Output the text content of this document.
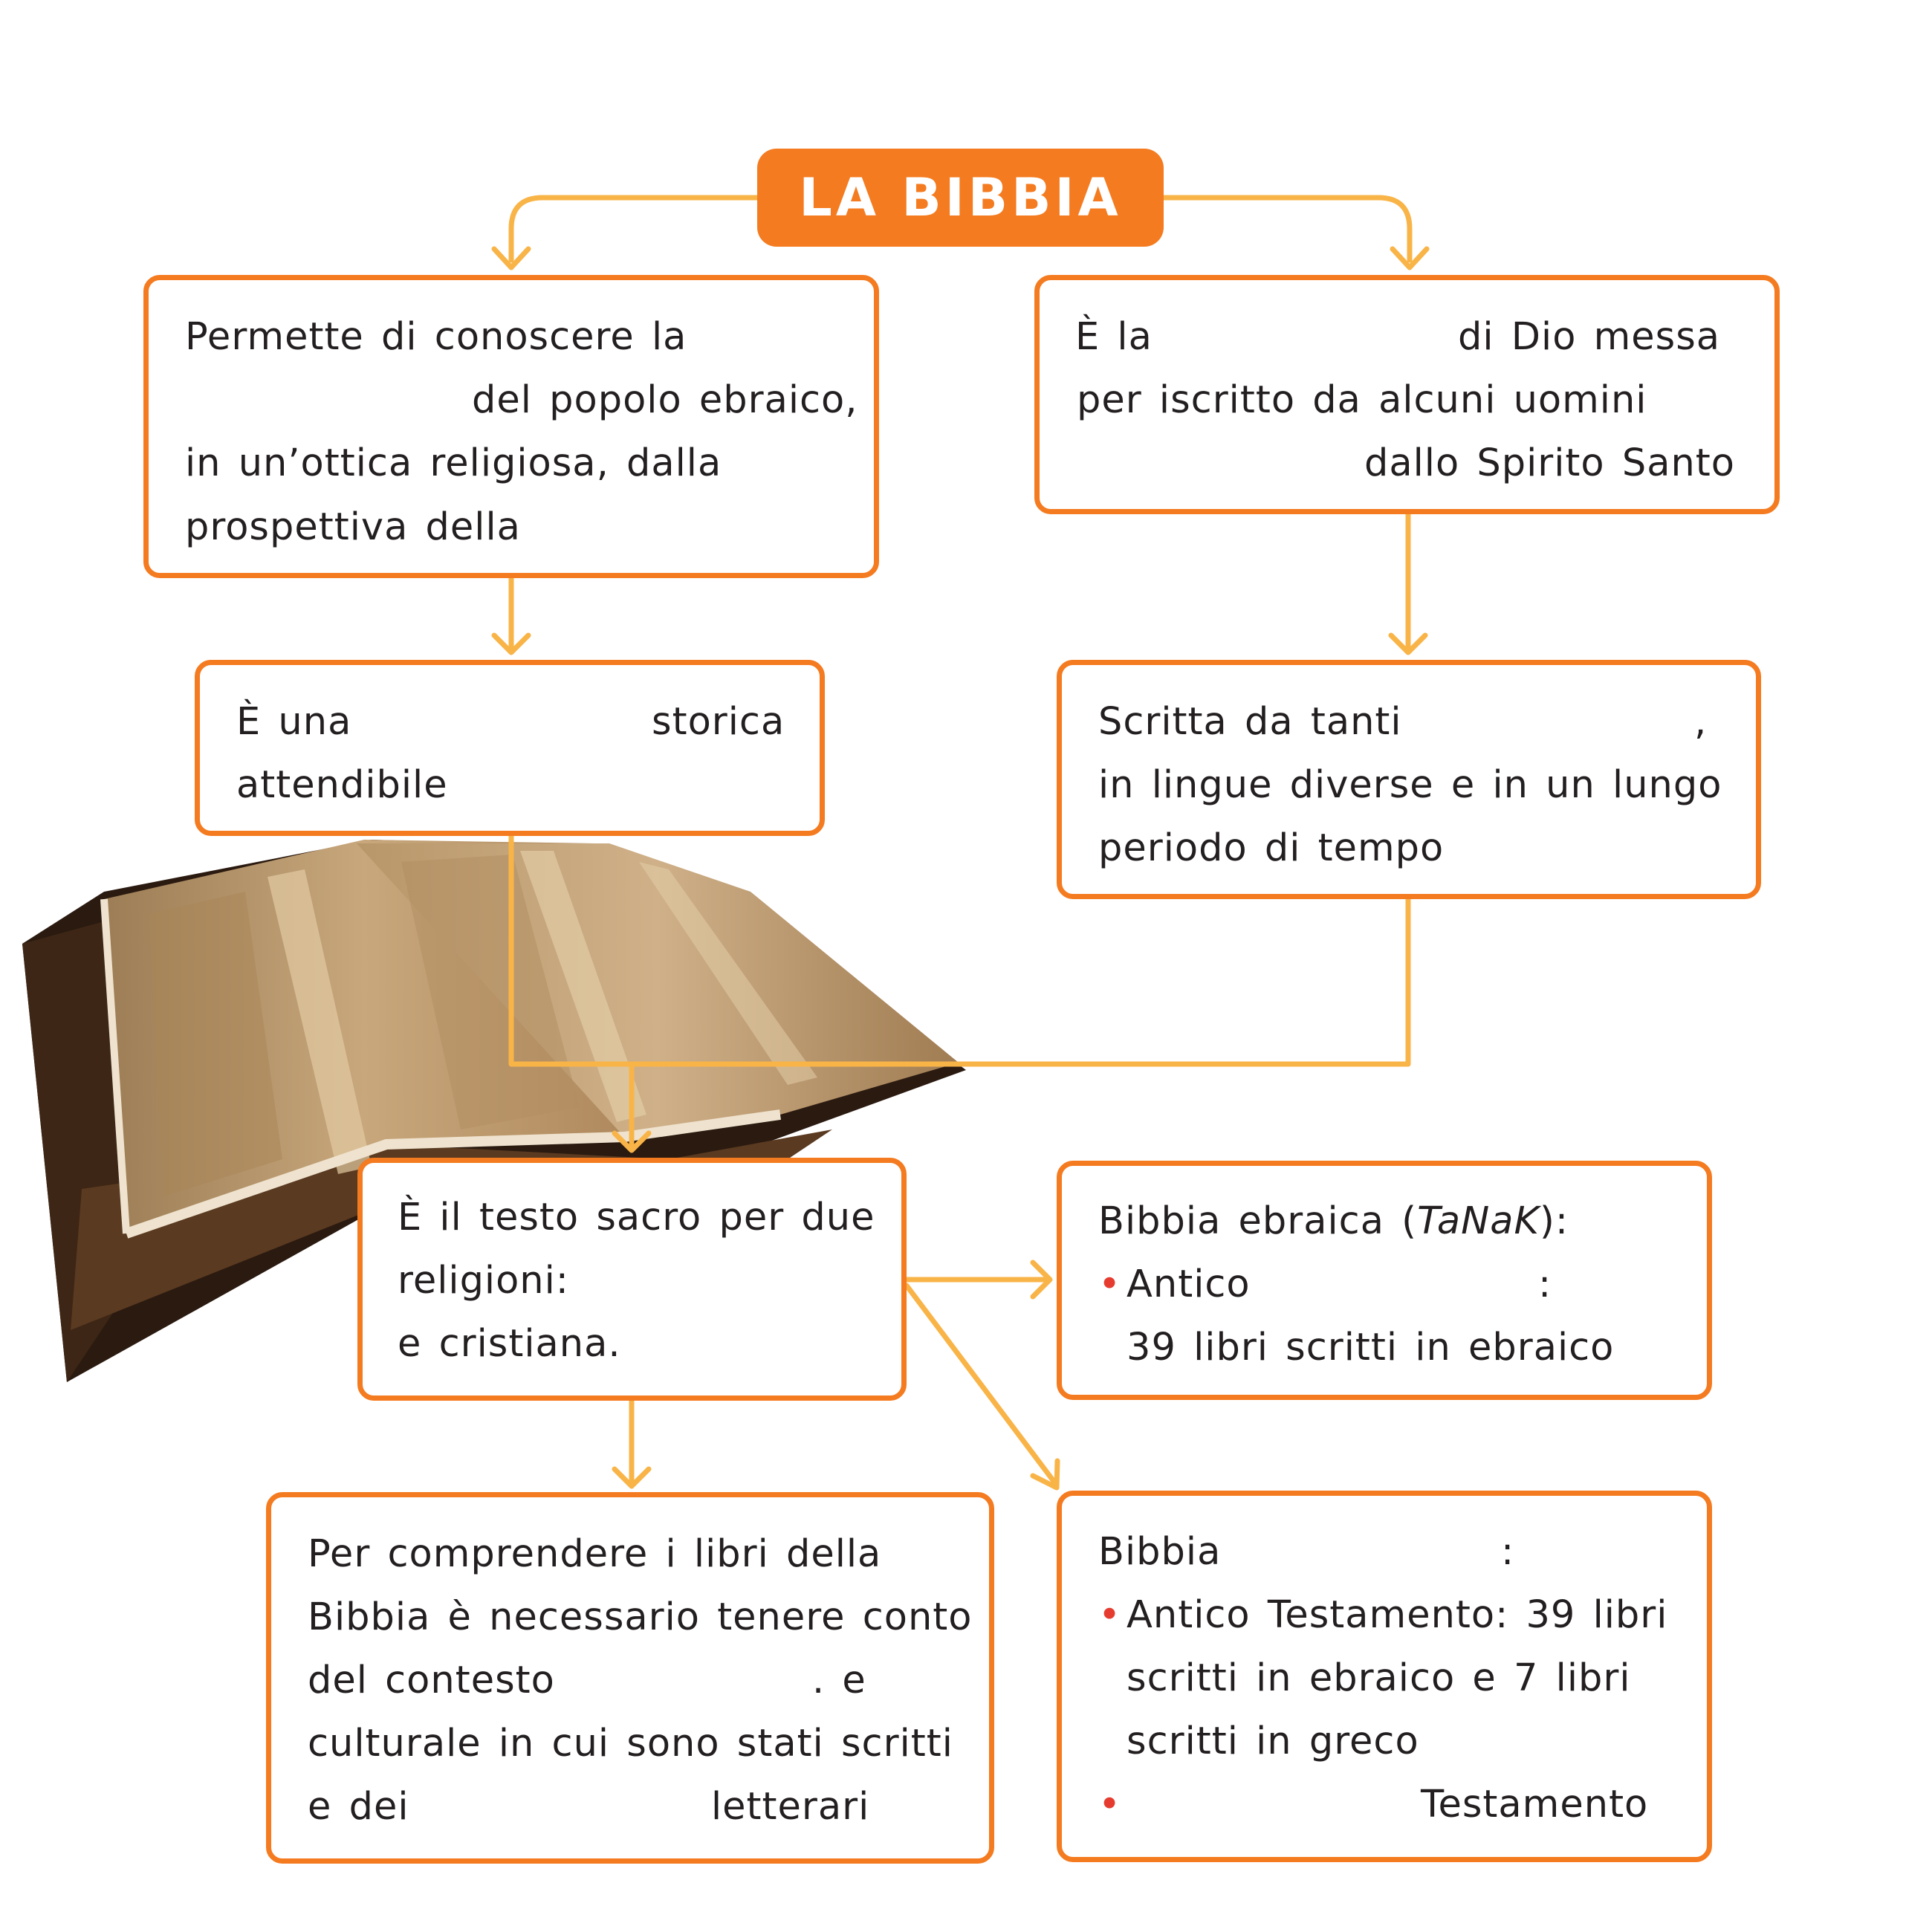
LA BIBBIA
Permette di conoscere la
del popolo ebraico,
in un’ottica religiosa, dalla
prospettiva della
È la	di Dio messa
per iscritto da alcuni uomini
dallo Spirito Santo
È una	storica
attendibile
Scritta da tanti	,
in lingue diverse e in un lungo
periodo di tempo
È il testo sacro per due
religioni:
e cristiana.
Bibbia ebraica (TaNaK):
• Antico	:
39 libri scritti in ebraico
Per comprendere i libri della
Bibbia è necessario tenere conto
del contesto	. e
culturale in cui sono stati scritti
e dei	letterari
Bibbia	:
• Antico Testamento: 39 libri
scritti in ebraico e 7 libri
scritti in greco
•	Testamento
